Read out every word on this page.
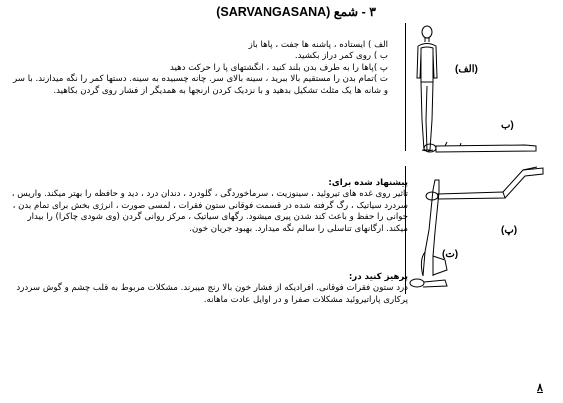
۳ - شمع (SARVANGASANA)

الف ) ایستاده ، پاشنه ها جفت ، پاها باز

ب ) روی کمر دراز بکشید.

پ )پاها را به طرف بدن بلند کنید ، انگشتهای پا را حرکت دهید

ت )تمام بدن را مستقیم بالا ببرید ، سینه بالای سر. چانه چسبیده به سینه. دستها کمر را نگه میدارند. با سر و شانه ها یک مثلث تشکیل بدهید و با نزدیک کردن ارنجها به همدیگر از فشار روی گردن بکاهید.

پیشنهاد شده برای:

تاثیر روی غده های تیروئید ، سینوزیت ، سرماخوردگی ، گلودرد ، دندان درد ، دید و حافظه را بهتر میکند. واریس ، سردرد سیاتیک ، رگ گرفته شده در قسمت فوقانی ستون فقرات ، لمسی صورت ، انرژی بخش برای تمام بدن ، جوانی را حفظ و باعث کند شدن پیری میشود. رگهای سیاتیک ، مرکز روانی گردن (وی شودی چاکرا) را بیدار میکند. ارگانهای تناسلی را سالم نگه میدارد. بهبود جریان خون.

پرهیز کنید در:

درد ستون فقرات فوقانی. افرادیکه از فشار خون بالا رنج میبرند. مشکلات مربوط به قلب چشم و گوش سردرد پرکاری پاراتیروئید مشکلات صفرا و در اوایل عادت ماهانه.

(الف)
(ب
(پ)
(ت)
۸
